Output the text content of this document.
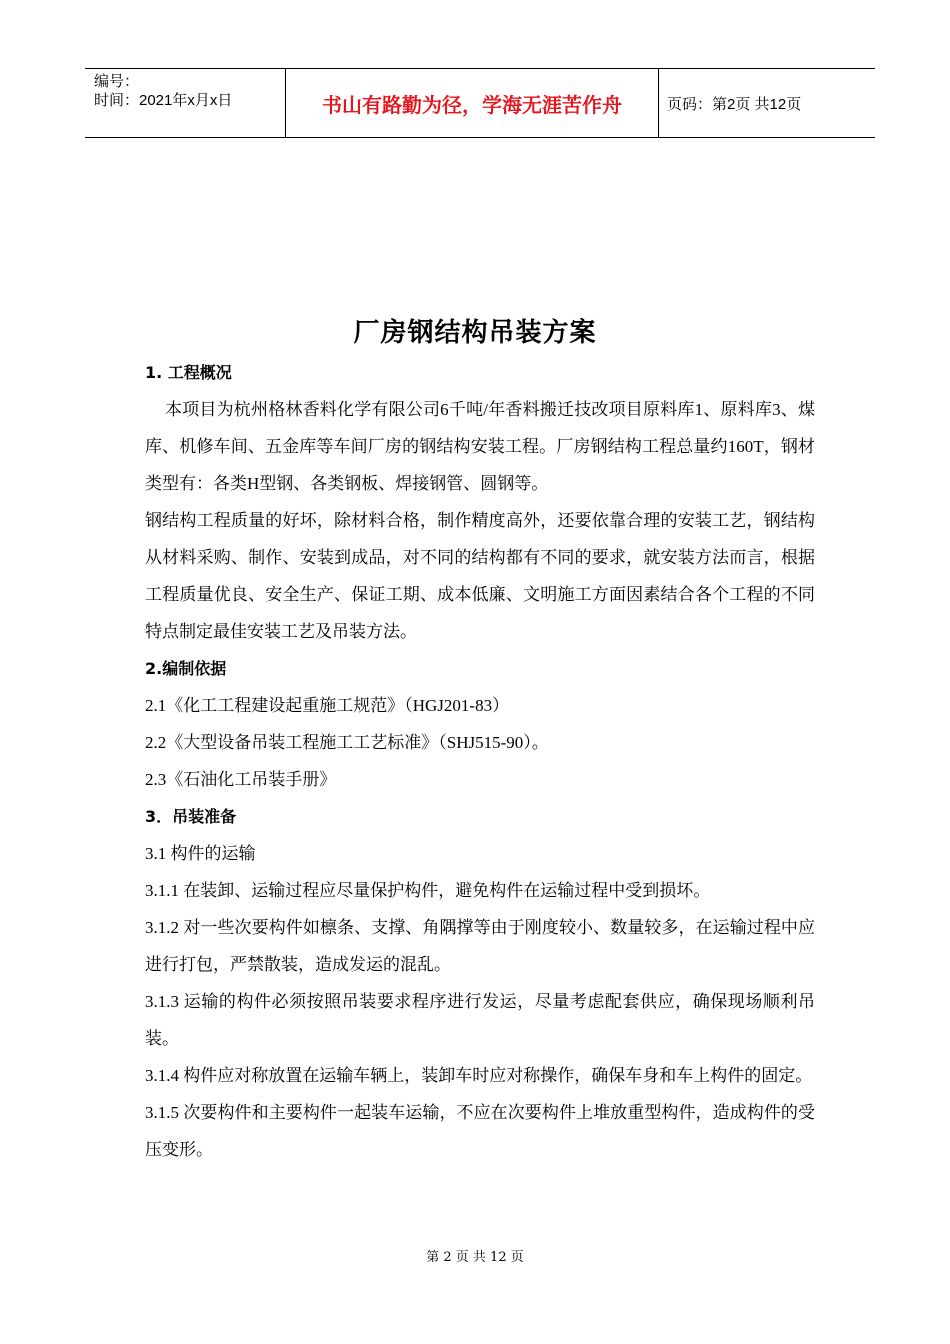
编号：
时间：2021年x月x日	书山有路勤为径，学海无涯苦作舟	页码：第2页 共12页
厂房钢结构吊装方案

1. 工程概况

本项目为杭州格林香料化学有限公司6千吨/年香料搬迁技改项目原料库1、原料库3、煤库、机修车间、五金库等车间厂房的钢结构安装工程。厂房钢结构工程总量约160T，钢材类型有：各类H型钢、各类钢板、焊接钢管、圆钢等。

钢结构工程质量的好坏，除材料合格，制作精度高外，还要依靠合理的安装工艺，钢结构从材料采购、制作、安装到成品，对不同的结构都有不同的要求，就安装方法而言，根据工程质量优良、安全生产、保证工期、成本低廉、文明施工方面因素结合各个工程的不同特点制定最佳安装工艺及吊装方法。

2.编制依据

2.1《化工工程建设起重施工规范》（HGJ201-83）

2.2《大型设备吊装工程施工工艺标准》（SHJ515-90）。

2.3《石油化工吊装手册》

3．吊装准备

3.1 构件的运输

3.1.1 在装卸、运输过程应尽量保护构件，避免构件在运输过程中受到损坏。

3.1.2 对一些次要构件如檩条、支撑、角隅撑等由于刚度较小、数量较多，在运输过程中应进行打包，严禁散装，造成发运的混乱。

3.1.3 运输的构件必须按照吊装要求程序进行发运，尽量考虑配套供应，确保现场顺利吊装。

3.1.4 构件应对称放置在运输车辆上，装卸车时应对称操作，确保车身和车上构件的固定。

3.1.5 次要构件和主要构件一起装车运输，不应在次要构件上堆放重型构件，造成构件的受压变形。

第 2 页 共 12 页
